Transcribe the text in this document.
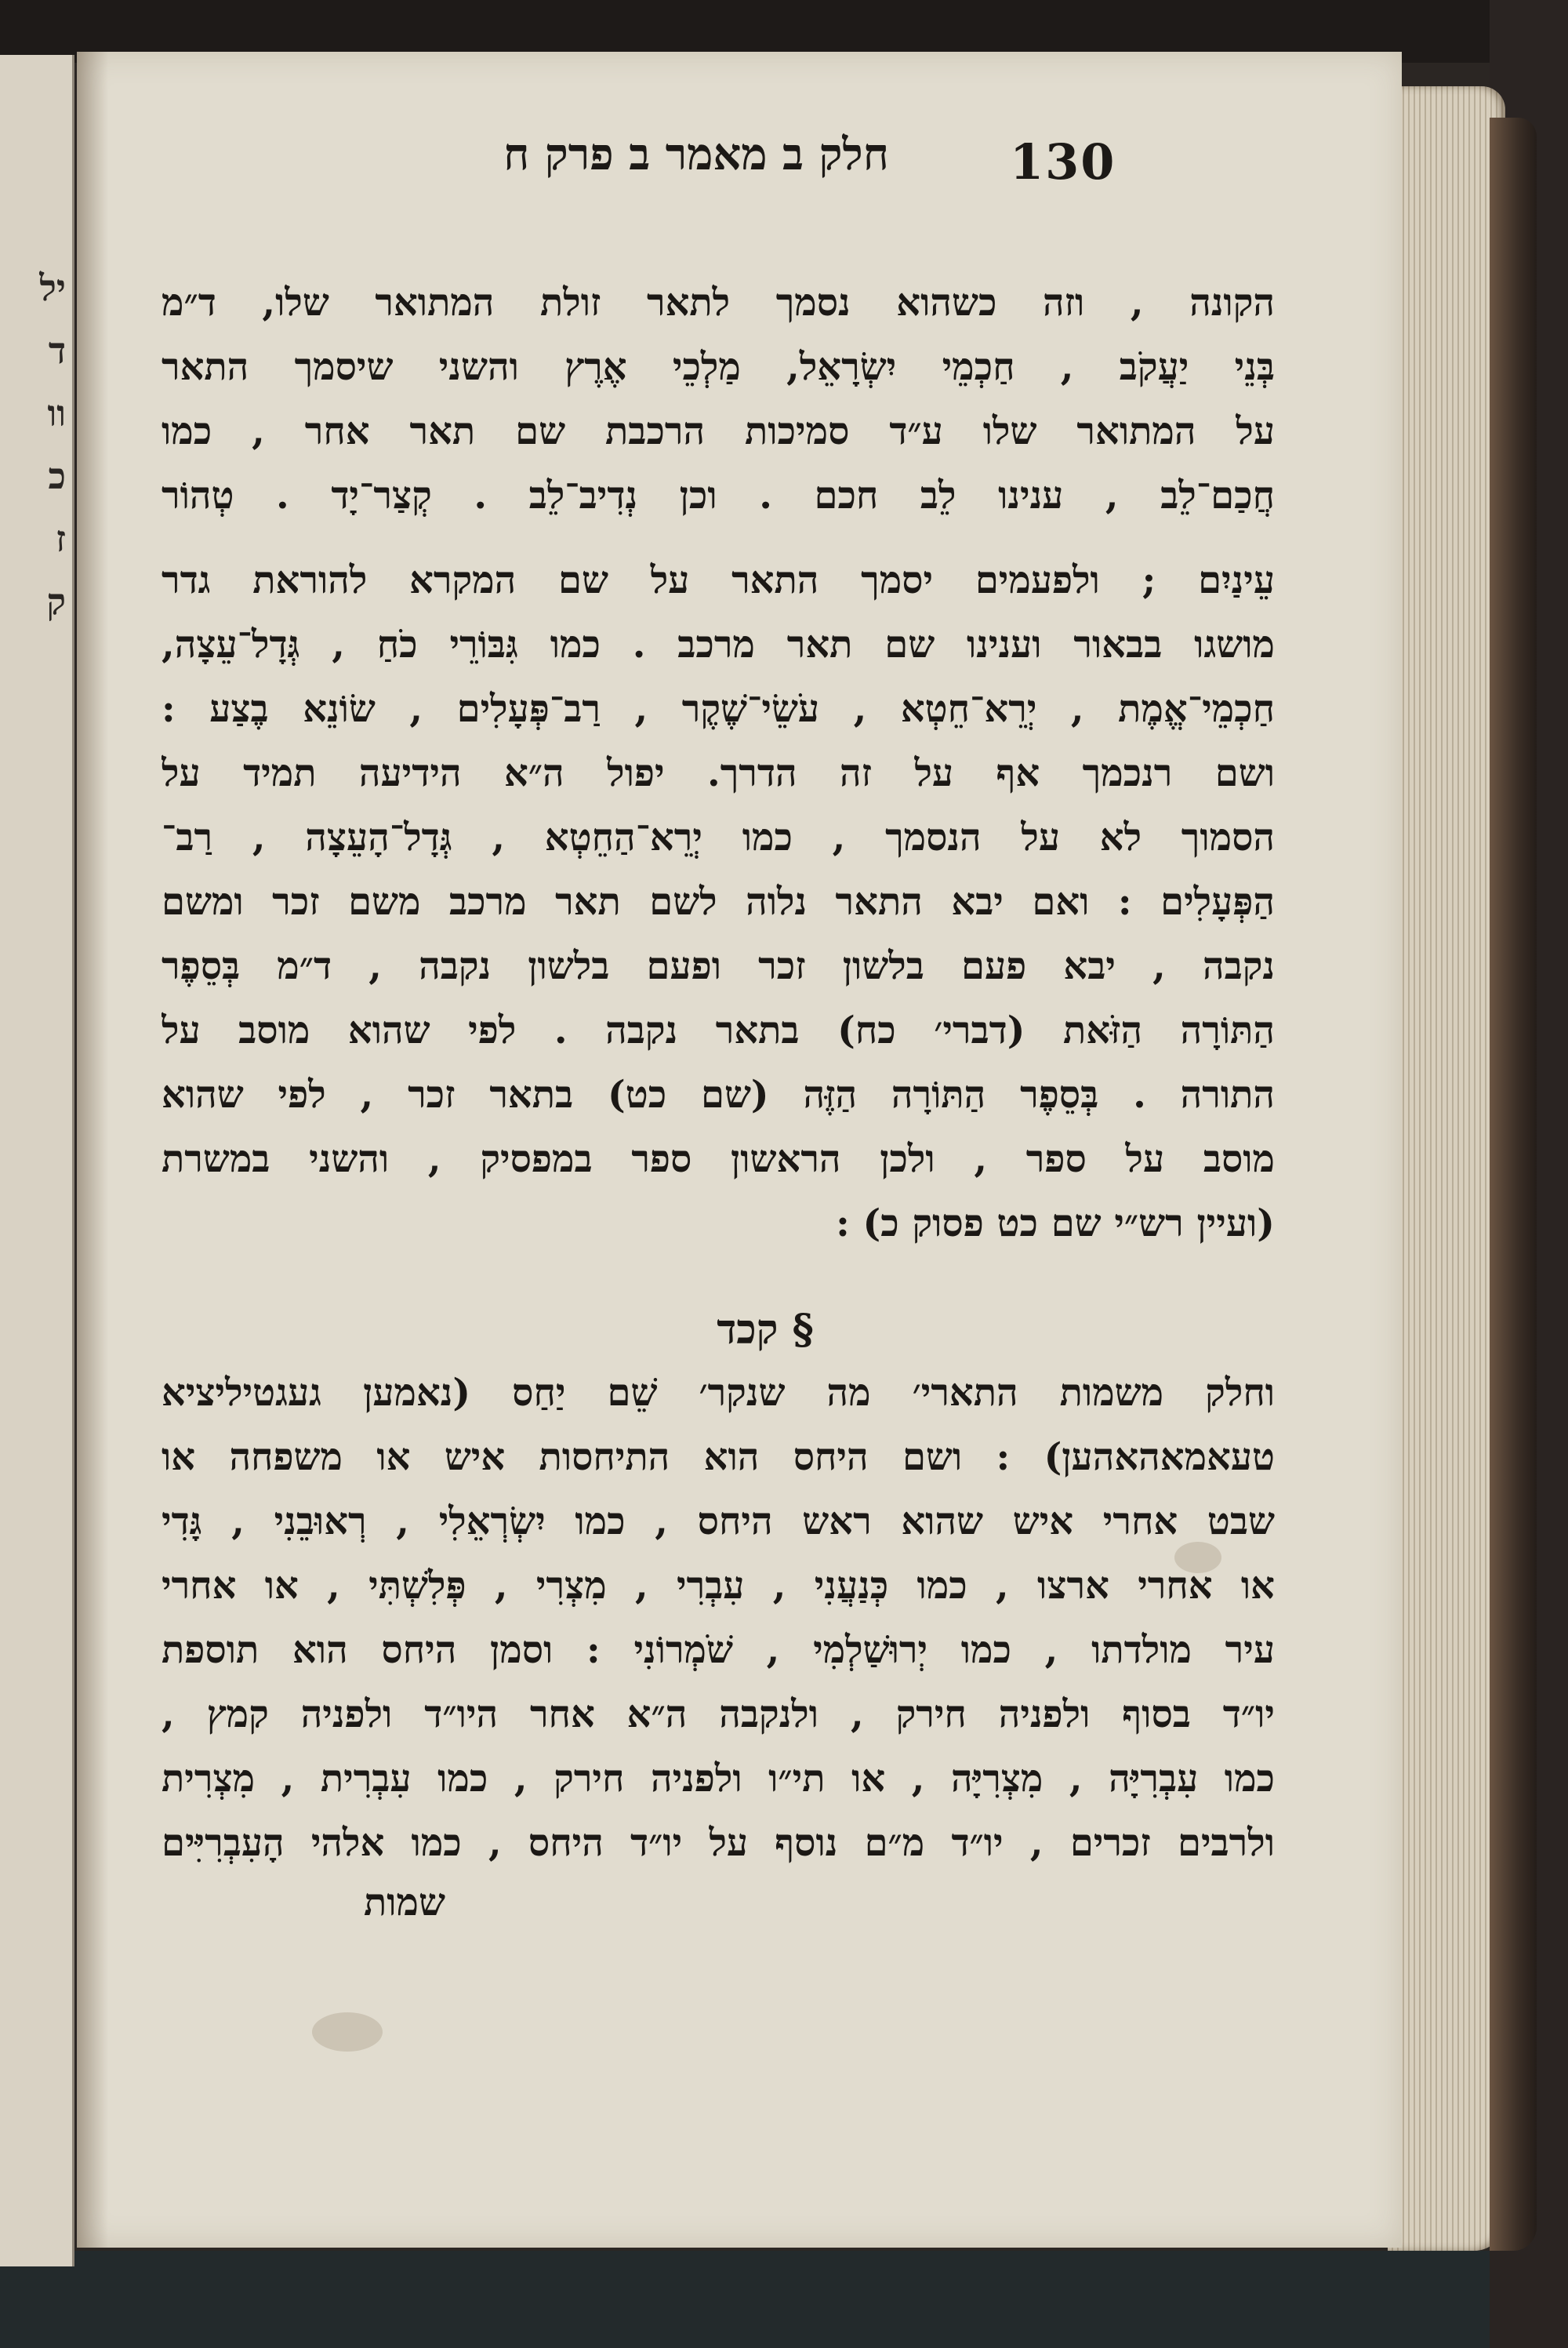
יל
ד
וו
כ
ז
ק
130
חלק ב מאמר ב פרק ח
הקונה , וזה כשהוא נסמך לתאר זולת המתואר שלו, ד״מ
בְּנֵי יַעֲקֹב , חַכְמֵי יִשְׂרָאֵל, מַלְכֵי אֶרֶץ והשני שיסמך התאר
על המתואר שלו ע״ד סמיכות הרכבת שם תאר אחר , כמו
חֲכַם־לֵב , ענינו לֵב חכם . וכן נְדִיב־לֵב . קְצַר־יָד . טְהוֹר
עֵינַיִם ; ולפעמים יסמך התאר על שם המקרא להוראת גדר
מושגו בבאור וענינו שם תאר מרכב . כמו גִּבּוֹרֵי כֹחַ , גְּדָל־עֵצָה,
חַכְמֵי־אֱמֶת , יְרֵא־חֵטְא , עֹשֵׂי־שֶׁקֶר , רַב־פְּעָלִים , שׂוֹנֵא בֶצַע :
ושם רנכמך אף על זה הדרך. יפול ה״א הידיעה תמיד על
הסמוך לא על הנסמך , כמו יְרֵא־הַחֵטְא , גְּדָל־הָעֵצָה , רַב־
הַפְּעָלִים : ואם יבא התאר נלוה לשם תאר מרכב משם זכר ומשם
נקבה , יבא פעם בלשון זכר ופעם בלשון נקבה , ד״מ בְּסֵפֶר
הַתּוֹרָה הַזֹּאת (דברי׳ כח) בתאר נקבה . לפי שהוא מוסב על
התורה . בְּסֵפֶר הַתּוֹרָה הַזֶּה (שם כט) בתאר זכר , לפי שהוא
מוסב על ספר , ולכן הראשון ספר במפסיק , והשני במשרת
(ועיין רש״י שם כט פסוק כ) :
§ קכד
וחלק משמות התארי׳ מה שנקר׳ שֵׁם יַחַס (נאמען געגטיליציא
טעאמאהאהען) : ושם היחס הוא התיחסות איש או משפחה או
שבט אחרי איש שהוא ראש היחס , כמו יִשְׂרְאֵלִי , רְאוּבֵנִי , גָּדִי
או אחרי ארצו , כמו כְּנַעֲנִי , עִבְרִי , מִצְרִי , פְּלִשְׁתִּי , או אחרי
עיר מולדתו , כמו יְרוּשַׁלְמִי , שֹׁמְרוֹנִי : וסמן היחס הוא תוספת
יו״ד בסוף ולפניה חירק , ולנקבה ה״א אחר היו״ד ולפניה קמץ ,
כמו עִבְרִיָּה , מִצְרִיָּה , או תי״ו ולפניה חירק , כמו עִבְרִית , מִצְרִית
ולרבים זכרים , יו״ד מ״ם נוסף על יו״ד היחס , כמו אלהי הָעִבְרִיִּים
שמות
